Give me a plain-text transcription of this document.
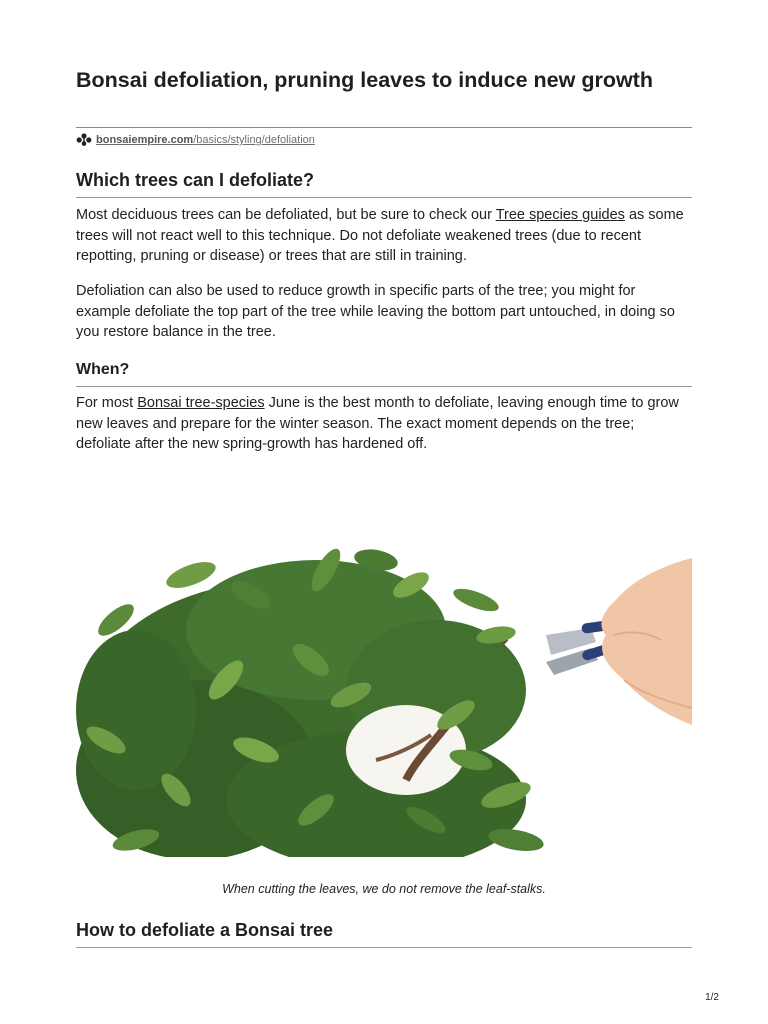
Bonsai defoliation, pruning leaves to induce new growth
bonsaiempire.com/basics/styling/defoliation
Which trees can I defoliate?

Most deciduous trees can be defoliated, but be sure to check our Tree species guides as some trees will not react well to this technique. Do not defoliate weakened trees (due to recent repotting, pruning or disease) or trees that are still in training.

Defoliation can also be used to reduce growth in specific parts of the tree; you might for example defoliate the top part of the tree while leaving the bottom part untouched, in doing so you restore balance in the tree.

When?

For most Bonsai tree-species June is the best month to defoliate, leaving enough time to grow new leaves and prepare for the winter season. The exact moment depends on the tree; defoliate after the new spring-growth has hardened off.

When cutting the leaves, we do not remove the leaf-stalks.
How to defoliate a Bonsai tree
1/2
